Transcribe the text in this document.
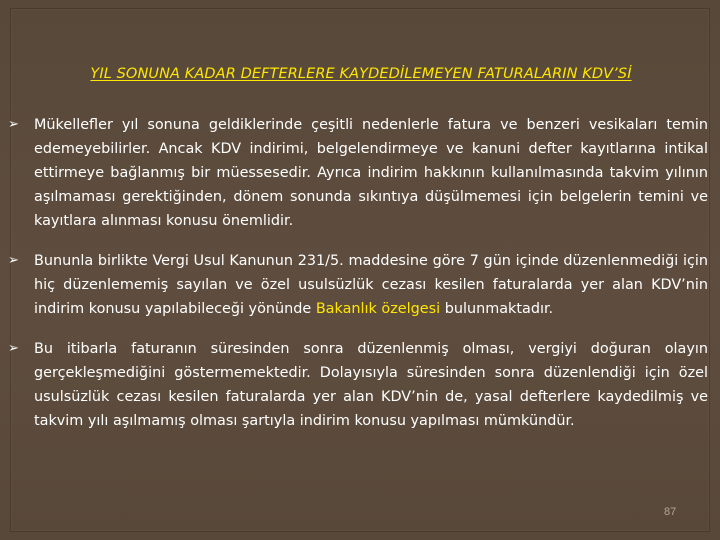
YIL SONUNA KADAR DEFTERLERE KAYDEDİLEMEYEN FATURALARIN KDV’Sİ
➢	Mükellefler yıl sonuna geldiklerinde çeşitli nedenlerle fatura ve benzeri vesikaları temin edemeyebilirler. Ancak KDV indirimi, belgelendirmeye ve kanuni defter kayıtlarına intikal ettirmeye bağlanmış bir müessesedir. Ayrıca indirim hakkının kullanılmasında takvim yılının aşılmaması gerektiğinden, dönem sonunda sıkıntıya düşülmemesi için belgelerin temini ve kayıtlara alınması konusu önemlidir.
➢	Bununla birlikte Vergi Usul Kanunun 231/5. maddesine göre 7 gün içinde düzenlenmediği için hiç düzenlememiş sayılan ve özel usulsüzlük cezası kesilen faturalarda yer alan KDV’nin indirim konusu yapılabileceği yönünde Bakanlık özelgesi bulunmaktadır.
➢	Bu itibarla faturanın süresinden sonra düzenlenmiş olması, vergiyi doğuran olayın gerçekleşmediğini göstermemektedir. Dolayısıyla süresinden sonra düzenlendiği için özel usulsüzlük cezası kesilen faturalarda yer alan KDV’nin de, yasal defterlere kaydedilmiş ve takvim yılı aşılmamış olması şartıyla indirim konusu yapılması mümkündür.
87
